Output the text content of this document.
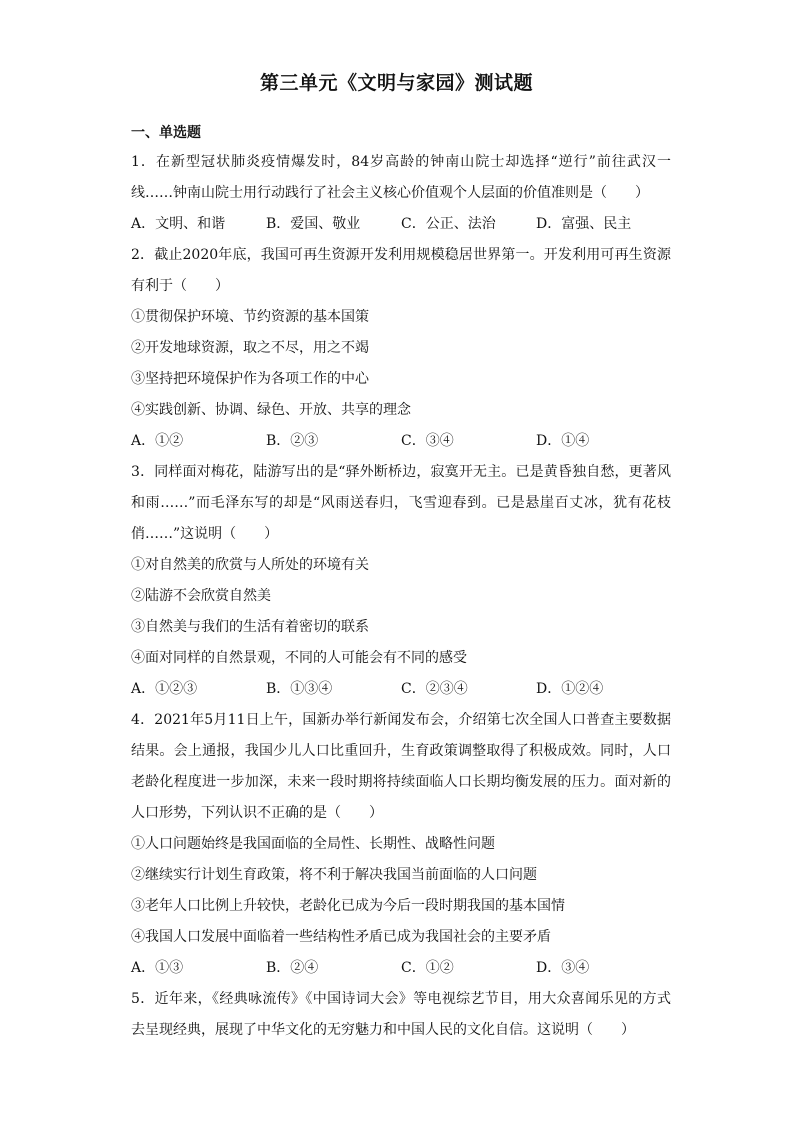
第三单元《文明与家园》测试题
一、单选题
1．在新型冠状肺炎疫情爆发时，84岁高龄的钟南山院士却选择“逆行”前往武汉一线……钟南山院士用行动践行了社会主义核心价值观个人层面的价值准则是（　　）
A．文明、和谐	B．爱国、敬业	C．公正、法治	D．富强、民主
2．截止2020年底，我国可再生资源开发利用规模稳居世界第一。开发利用可再生资源有利于（　　）
①贯彻保护环境、节约资源的基本国策
②开发地球资源，取之不尽，用之不竭
③坚持把环境保护作为各项工作的中心
④实践创新、协调、绿色、开放、共享的理念
A．①②	B．②③	C．③④	D．①④
3．同样面对梅花，陆游写出的是“驿外断桥边，寂寞开无主。已是黄昏独自愁，更著风和雨……”而毛泽东写的却是“风雨送春归，飞雪迎春到。已是悬崖百丈冰，犹有花枝俏……”这说明（　　）
①对自然美的欣赏与人所处的环境有关
②陆游不会欣赏自然美
③自然美与我们的生活有着密切的联系
④面对同样的自然景观，不同的人可能会有不同的感受
A．①②③	B．①③④	C．②③④	D．①②④
4．2021年5月11日上午，国新办举行新闻发布会，介绍第七次全国人口普查主要数据结果。会上通报，我国少儿人口比重回升，生育政策调整取得了积极成效。同时，人口老龄化程度进一步加深，未来一段时期将持续面临人口长期均衡发展的压力。面对新的人口形势，下列认识不正确的是（　　）
①人口问题始终是我国面临的全局性、长期性、战略性问题
②继续实行计划生育政策，将不利于解决我国当前面临的人口问题
③老年人口比例上升较快，老龄化已成为今后一段时期我国的基本国情
④我国人口发展中面临着一些结构性矛盾已成为我国社会的主要矛盾
A．①③	B．②④	C．①②	D．③④
5．近年来，《经典咏流传》《中国诗词大会》等电视综艺节目，用大众喜闻乐见的方式去呈现经典，展现了中华文化的无穷魅力和中国人民的文化自信。这说明（　　）
